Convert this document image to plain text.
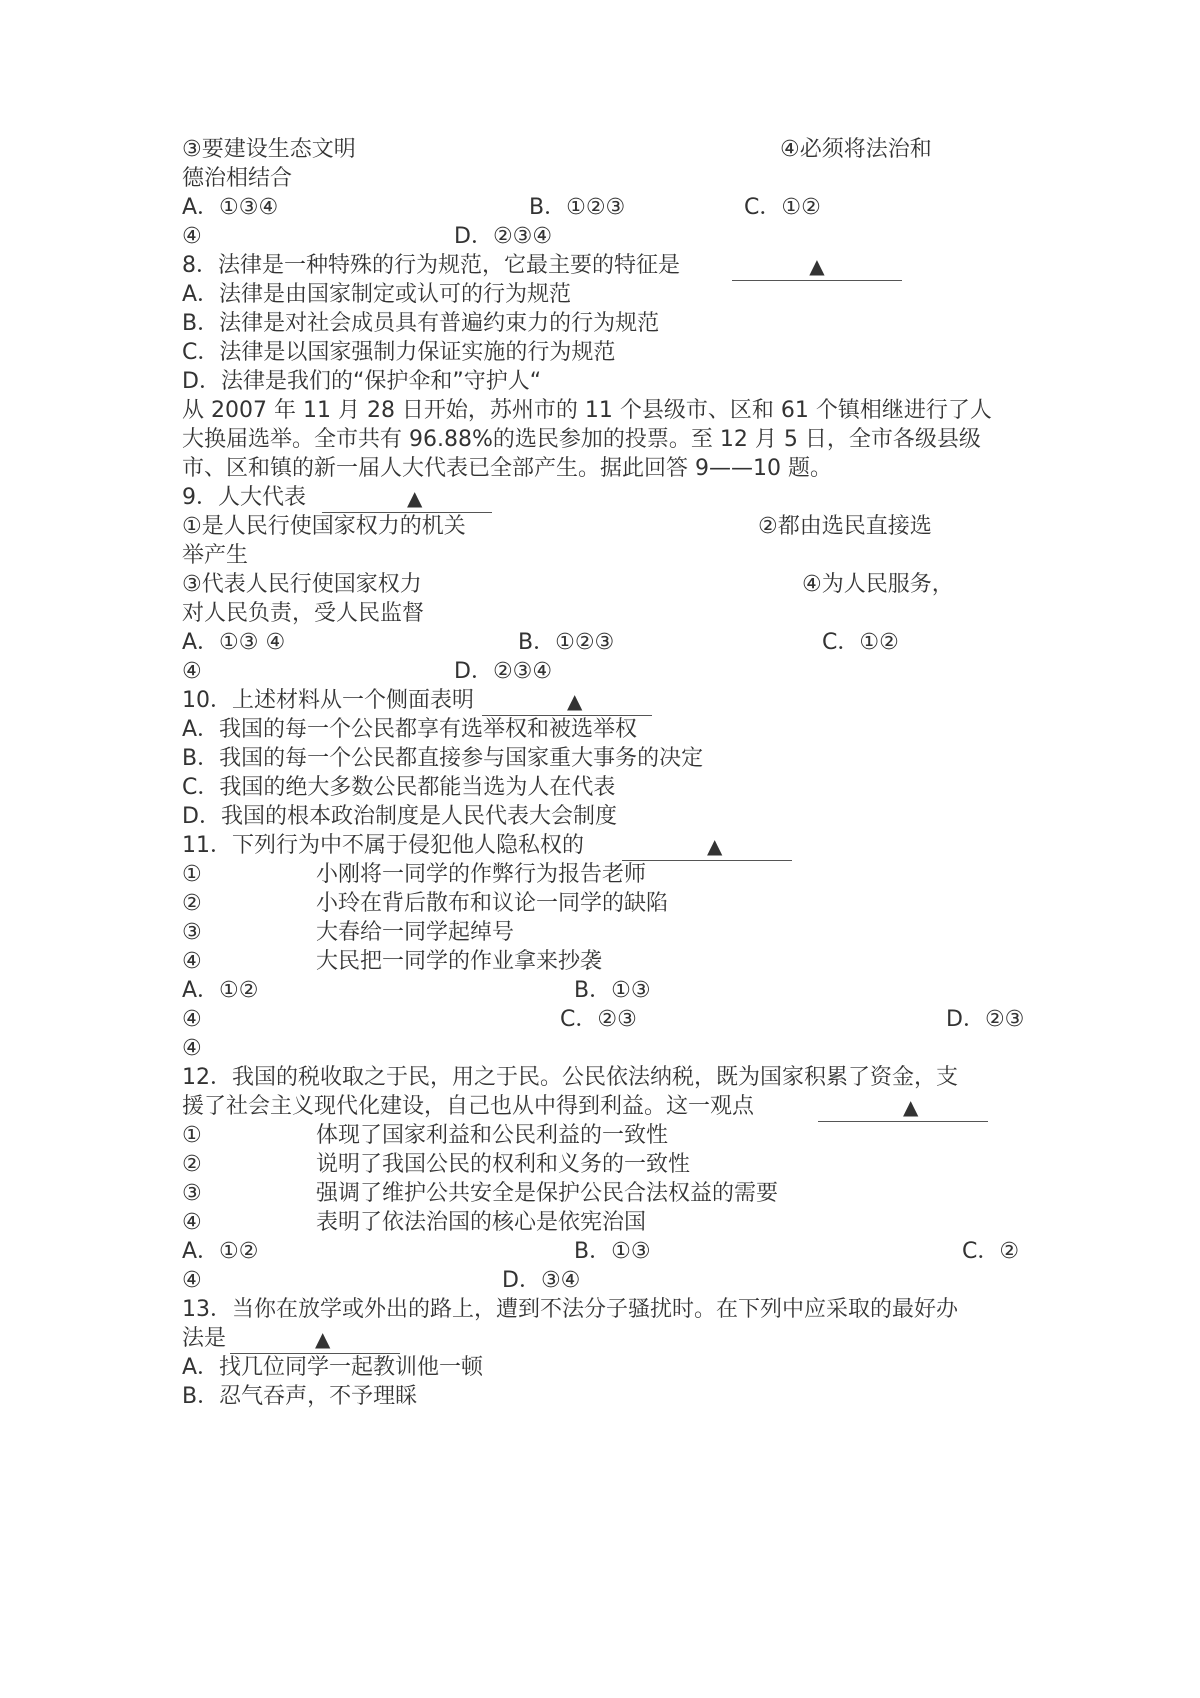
③要建设生态文明	④必须将法治和
德治相结合
A．①③④	B．①②③	C．①②
④	D．②③④
8．法律是一种特殊的行为规范，它最主要的特征是	▲
A．法律是由国家制定或认可的行为规范
B．法律是对社会成员具有普遍约束力的行为规范
C．法律是以国家强制力保证实施的行为规范
D．法律是我们的“保护伞和”守护人“
从 2007 年 11 月 28 日开始，苏州市的 11 个县级市、区和 61 个镇相继进行了人
大换届选举。全市共有 96.88%的选民参加的投票。至 12 月 5 日，全市各级县级
市、区和镇的新一届人大代表已全部产生。据此回答 9——10 题。
9．人大代表	▲
①是人民行使国家权力的机关	②都由选民直接选
举产生
③代表人民行使国家权力	④为人民服务，
对人民负责，受人民监督
A．①③ ④	B．①②③	C．①②
④	D．②③④
10．上述材料从一个侧面表明	▲
A．我国的每一个公民都享有选举权和被选举权
B．我国的每一个公民都直接参与国家重大事务的决定
C．我国的绝大多数公民都能当选为人在代表
D．我国的根本政治制度是人民代表大会制度
11．下列行为中不属于侵犯他人隐私权的	▲
①	小刚将一同学的作弊行为报告老师
②	小玲在背后散布和议论一同学的缺陷
③	大春给一同学起绰号
④	大民把一同学的作业拿来抄袭
A．①②	B．①③
④	C．②③	D．②③
④
12．我国的税收取之于民，用之于民。公民依法纳税，既为国家积累了资金，支
援了社会主义现代化建设，自己也从中得到利益。这一观点	▲
①	体现了国家利益和公民利益的一致性
②	说明了我国公民的权利和义务的一致性
③	强调了维护公共安全是保护公民合法权益的需要
④	表明了依法治国的核心是依宪治国
A．①②	B．①③	C．②
④	D．③④
13．当你在放学或外出的路上，遭到不法分子骚扰时。在下列中应采取的最好办
法是	▲
A．找几位同学一起教训他一顿
B．忍气吞声，不予理睬
